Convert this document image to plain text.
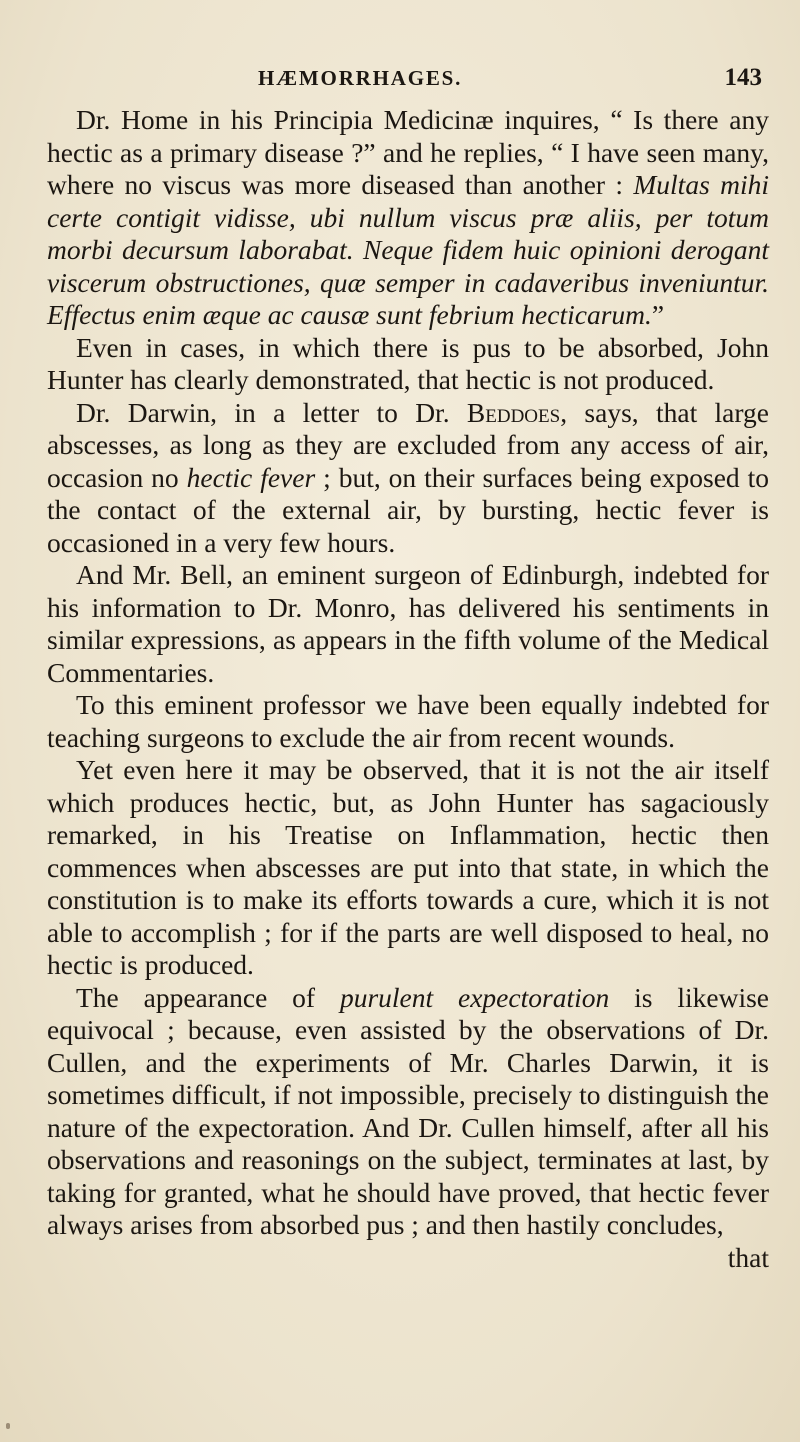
HÆMORRHAGES.	143

Dr. Home in his Principia Medicinæ inquires, “ Is there any hectic as a primary disease ?” and he replies, “ I have seen many, where no viscus was more diseased than another : Multas mihi certe contigit vidisse, ubi nullum viscus præ aliis, per totum morbi decursum laborabat. Neque fidem huic opinioni derogant viscerum obstructiones, quæ semper in cadaveribus inveniuntur. Effectus enim æque ac causæ sunt febrium hecticarum.”

Even in cases, in which there is pus to be absorbed, John Hunter has clearly demonstrated, that hectic is not produced.

Dr. Darwin, in a letter to Dr. Beddoes, says, that large abscesses, as long as they are excluded from any access of air, occasion no hectic fever ; but, on their surfaces being exposed to the contact of the external air, by bursting, hectic fever is occasioned in a very few hours.

And Mr. Bell, an eminent surgeon of Edinburgh, indebted for his information to Dr. Monro, has delivered his sentiments in similar expressions, as appears in the fifth volume of the Medical Commentaries.

To this eminent professor we have been equally indebted for teaching surgeons to exclude the air from recent wounds.

Yet even here it may be observed, that it is not the air itself which produces hectic, but, as John Hunter has sagaciously remarked, in his Treatise on Inflammation, hectic then commences when abscesses are put into that state, in which the constitution is to make its efforts towards a cure, which it is not able to accomplish ; for if the parts are well disposed to heal, no hectic is produced.

The appearance of purulent expectoration is likewise equivocal ; because, even assisted by the observations of Dr. Cullen, and the experiments of Mr. Charles Darwin, it is sometimes difficult, if not impossible, precisely to distinguish the nature of the expectoration. And Dr. Cullen himself, after all his observations and reasonings on the subject, terminates at last, by taking for granted, what he should have proved, that hectic fever always arises from absorbed pus ; and then hastily concludes,

that
